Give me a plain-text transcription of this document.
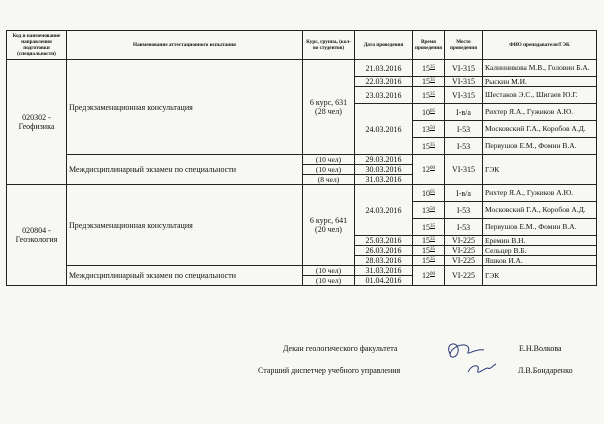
Код и наименование направления подготовки (специальности)	Наименование аттестационного испытания	Курс, группа, (кол-во студентов)	Дата проведения	Время проведения	Место проведения	ФИО преподавателя/ГЭК
020302 - Геофизика	Предэкзаменационная консультация	6 курс, 631 (28 чел)	21.03.2016	$15^{35}$	VI-315	Калинникова М.В., Головин Б.А.
			22.03.2016	$15^{35}$	VI-315	Рыскин М.И.
			23.03.2016	$15^{35}$	VI-315	Шестаков Э.С., Шигаев Ю.Г.
			24.03.2016	$10^{05}$	I-в/а	Рихтер Я.А., Гужиков А.Ю.
				$13^{50}$	I-53	Московский Г.А., Коробов А.Д.
				$15^{35}$	I-53	Первушов Е.М., Фомин В.А.
	Междисциплинарный экзамен по специальности	(10 чел)	29.03.2016	$12^{00}$	VI-315	ГЭК
		(10 чел)	30.03.2016			
		(8 чел)	31.03.2016			
020804 - Геоэкология	Предэкзаменационная консультация	6 курс, 641 (20 чел)	24.03.2016	$10^{05}$	I-в/а	Рихтер Я.А., Гужиков А.Ю.
				$13^{50}$	I-53	Московский Г.А., Коробов А.Д.
				$15^{35}$	I-53	Первушов Е.М., Фомин В.А.
			25.03.2016	$15^{35}$	VI-225	Еремин В.Н.
			26.03.2016	$15^{35}$	VI-225	Сельцер В.Б.
			28.03.2016	$15^{35}$	VI-225	Яшков И.А.
	Междисциплинарный экзамен по специальности	(10 чел)	31.03.2016	$12^{00}$	VI-225	ГЭК
		(10 чел)	01.04.2016			
Декан геологического факультета	Е.Н.Волкова
Старший диспетчер учебного управления	Л.В.Бондаренко
